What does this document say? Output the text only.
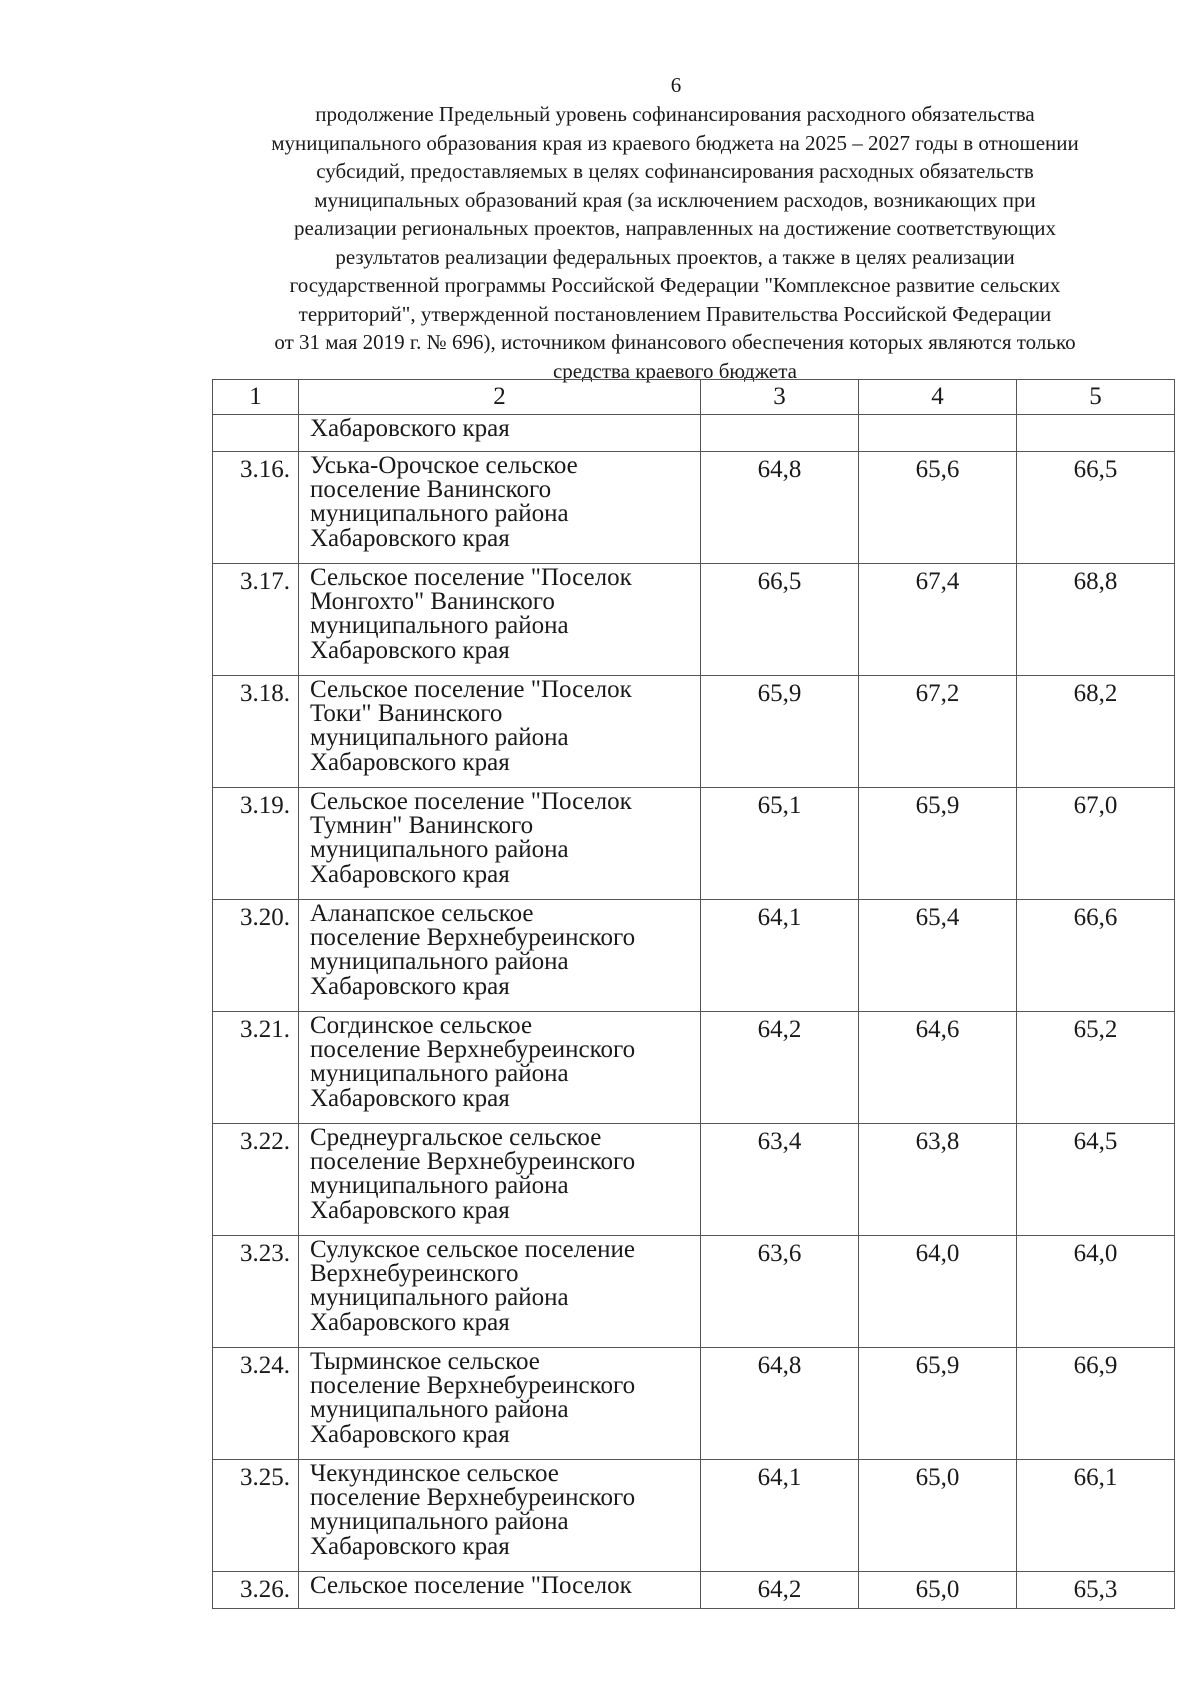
6
продолжение Предельный уровень софинансирования расходного обязательства
муниципального образования края из краевого бюджета на 2025 – 2027 годы в отношении
субсидий, предоставляемых в целях софинансирования расходных обязательств
муниципальных образований края (за исключением расходов, возникающих при
реализации региональных проектов, направленных на достижение соответствующих
результатов реализации федеральных проектов, а также в целях реализации
государственной программы Российской Федерации "Комплексное развитие сельских
территорий", утвержденной постановлением Правительства Российской Федерации
от 31 мая 2019 г. № 696), источником финансового обеспечения которых являются только
средства краевого бюджета
1	2	3	4	5

	Хабаровского края			

3.16.	Уська-Орочское сельское
поселение Ванинского
муниципального района
Хабаровского края	64,8	65,6	66,5
3.17.	Сельское поселение "Поселок
Монгохто" Ванинского
муниципального района
Хабаровского края	66,5	67,4	68,8
3.18.	Сельское поселение "Поселок
Токи" Ванинского
муниципального района
Хабаровского края	65,9	67,2	68,2
3.19.	Сельское поселение "Поселок
Тумнин" Ванинского
муниципального района
Хабаровского края	65,1	65,9	67,0
3.20.	Аланапское сельское
поселение Верхнебуреинского
муниципального района
Хабаровского края	64,1	65,4	66,6
3.21.	Согдинское сельское
поселение Верхнебуреинского
муниципального района
Хабаровского края	64,2	64,6	65,2
3.22.	Среднеургальское сельское
поселение Верхнебуреинского
муниципального района
Хабаровского края	63,4	63,8	64,5
3.23.	Сулукское сельское поселение
Верхнебуреинского
муниципального района
Хабаровского края	63,6	64,0	64,0
3.24.	Тырминское сельское
поселение Верхнебуреинского
муниципального района
Хабаровского края	64,8	65,9	66,9
3.25.	Чекундинское сельское
поселение Верхнебуреинского
муниципального района
Хабаровского края	64,1	65,0	66,1
3.26.	Сельское поселение "Поселок	64,2	65,0	65,3
